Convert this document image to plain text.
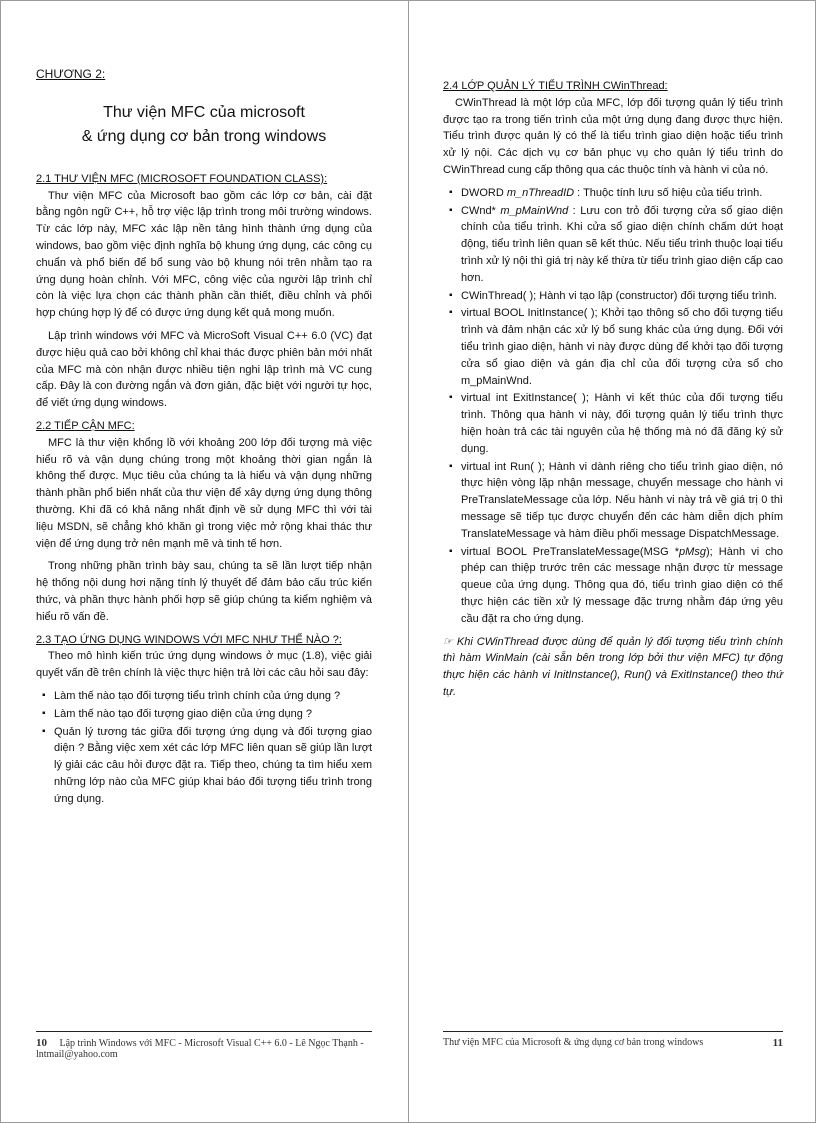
CHƯƠNG 2:
Thư viện MFC của microsoft
& ứng dụng cơ bản trong windows
2.1 THƯ VIỆN MFC (MICROSOFT FOUNDATION CLASS):

Thư viện MFC của Microsoft bao gồm các lớp cơ bản, cài đặt bằng ngôn ngữ C++, hỗ trợ việc lập trình trong môi trường windows. Từ các lớp này, MFC xác lập nền tảng hình thành ứng dụng của windows, bao gồm việc định nghĩa bộ khung ứng dụng, các công cụ chuẩn và phổ biến để bổ sung vào bộ khung nói trên nhằm tạo ra ứng dụng hoàn chỉnh. Với MFC, công việc của người lập trình chỉ còn là việc lựa chọn các thành phần cần thiết, điều chỉnh và phối hợp chúng hợp lý để có được ứng dụng kết quả mong muốn.

Lập trình windows với MFC và MicroSoft Visual C++ 6.0 (VC) đạt được hiệu quả cao bởi không chỉ khai thác được phiên bản mới nhất của MFC mà còn nhận được nhiều tiện nghi lập trình mà VC cung cấp. Đây là con đường ngắn và đơn giản, đặc biệt với người tự học, để viết ứng dụng windows.

2.2 TIẾP CẬN MFC:

MFC là thư viện khổng lồ với khoảng 200 lớp đối tượng mà việc hiểu rõ và vận dụng chúng trong một khoảng thời gian ngắn là không thể được. Mục tiêu của chúng ta là hiểu và vận dụng những thành phần phổ biến nhất của thư viện để xây dựng ứng dụng thông thường. Khi đã có khả năng nhất định về sử dụng MFC thì với tài liệu MSDN, sẽ chẳng khó khăn gì trong việc mở rộng khai thác thư viện để ứng dụng trở nên mạnh mẽ và tinh tế hơn.

Trong những phần trình bày sau, chúng ta sẽ lần lượt tiếp nhận hệ thống nội dung hơi nặng tính lý thuyết để đảm bảo cấu trúc kiến thức, và phần thực hành phối hợp sẽ giúp chúng ta kiểm nghiệm và hiểu rõ vấn đề.

2.3 TẠO ỨNG DỤNG WINDOWS VỚI MFC NHƯ THẾ NÀO ?:

Theo mô hình kiến trúc ứng dụng windows ở mục (1.8), việc giải quyết vấn đề trên chính là việc thực hiện trả lời các câu hỏi sau đây:

▪ Làm thế nào tạo đối tượng tiểu trình chính của ứng dụng ?
▪ Làm thế nào tạo đối tượng giao diện của ứng dụng ?
▪ Quản lý tương tác giữa đối tượng ứng dụng và đối tượng giao diện ? Bằng việc xem xét các lớp MFC liên quan sẽ giúp lần lượt lý giải các câu hỏi được đặt ra. Tiếp theo, chúng ta tìm hiểu xem những lớp nào của MFC giúp khai báo đối tượng tiểu trình trong ứng dụng.
10 Lập trình Windows với MFC - Microsoft Visual C++ 6.0 - Lê Ngọc Thạnh - lntmail@yahoo.com
2.4 LỚP QUẢN LÝ TIỂU TRÌNH CWinThread:

CWinThread là một lớp của MFC, lớp đối tượng quản lý tiểu trình được tạo ra trong tiến trình của một ứng dụng đang được thực hiện. Tiểu trình được quản lý có thể là tiểu trình giao diện hoặc tiểu trình xử lý nội. Các dịch vụ cơ bản phục vụ cho quản lý tiểu trình do CWinThread cung cấp thông qua các thuộc tính và hành vi của nó.

▪ DWORD m_nThreadID : Thuộc tính lưu số hiệu của tiểu trình.
▪ CWnd* m_pMainWnd : Lưu con trỏ đối tượng cửa sổ giao diện chính của tiểu trình. Khi cửa sổ giao diện chính chấm dứt hoạt động, tiểu trình liên quan sẽ kết thúc. Nếu tiểu trình thuộc loại tiểu trình xử lý nội thì giá trị này kế thừa từ tiểu trình giao diện cấp cao hơn.
▪ CWinThread( ); Hành vi tạo lập (constructor) đối tượng tiểu trình.
▪ virtual BOOL InitInstance( ); Khởi tạo thông số cho đối tượng tiểu trình và đảm nhận các xử lý bổ sung khác của ứng dụng. Đối với tiểu trình giao diện, hành vi này được dùng để khởi tạo đối tượng cửa sổ giao diện và gán địa chỉ của đối tượng cửa sổ cho m_pMainWnd.
▪ virtual int ExitInstance( ); Hành vi kết thúc của đối tượng tiểu trình. Thông qua hành vi này, đối tượng quản lý tiểu trình thực hiện hoàn trả các tài nguyên của hệ thống mà nó đã đăng ký sử dụng.
▪ virtual int Run( ); Hành vi dành riêng cho tiểu trình giao diện, nó thực hiện vòng lặp nhận message, chuyển message cho hành vi PreTranslateMessage của lớp. Nếu hành vi này trả về giá trị 0 thì message sẽ tiếp tục được chuyển đến các hàm diễn dịch phím TranslateMessage và hàm điều phối message DispatchMessage.
▪ virtual BOOL PreTranslateMessage(MSG *pMsg); Hành vi cho phép can thiệp trước trên các message nhận được từ message queue của ứng dụng. Thông qua đó, tiểu trình giao diện có thể thực hiện các tiền xử lý message đặc trưng nhằm đáp ứng yêu cầu đặt ra cho ứng dụng.
☞ Khi CWinThread được dùng để quản lý đối tượng tiểu trình chính thì hàm WinMain (cài sẵn bên trong lớp bởi thư viện MFC) tự động thực hiện các hành vi InitInstance(), Run() và ExitInstance() theo thứ tự.
11
Thư viện MFC của Microsoft & ứng dụng cơ bản trong windows
